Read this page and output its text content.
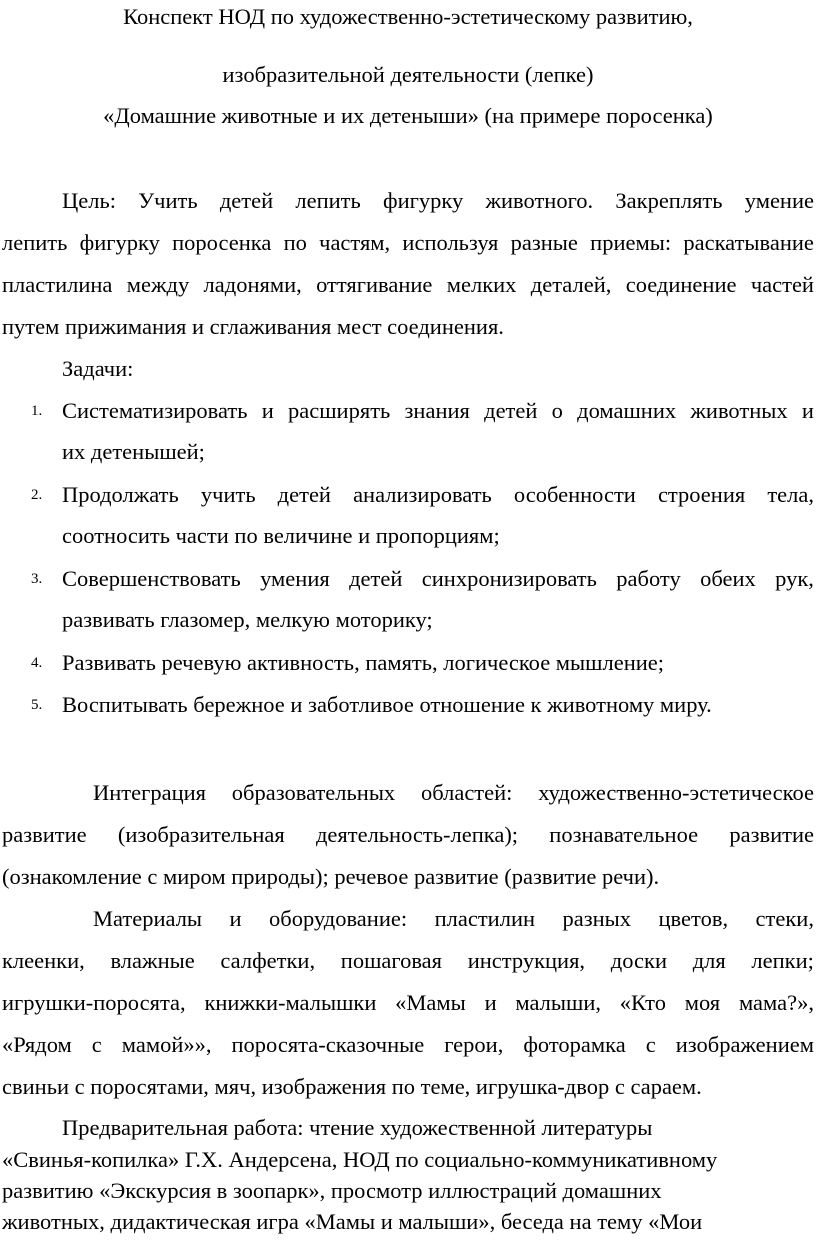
Конспект НОД по художественно-эстетическому развитию,
изобразительной деятельности (лепке)
«Домашние животные и их детеныши» (на примере поросенка)
Цель: Учить детей лепить фигурку животного. Закреплять умение
лепить фигурку поросенка по частям, используя разные приемы: раскатывание
пластилина между ладонями, оттягивание мелких деталей, соединение частей
путем прижимания и сглаживания мест соединения.
Задачи:
1. Систематизировать и расширять знания детей о домашних животных и
их детенышей;
2. Продолжать учить детей анализировать особенности строения тела,
соотносить части по величине и пропорциям;
3. Совершенствовать умения детей синхронизировать работу обеих рук,
развивать глазомер, мелкую моторику;
4. Развивать речевую активность, память, логическое мышление;
5. Воспитывать бережное и заботливое отношение к животному миру.
Интеграция образовательных областей: художественно-эстетическое
развитие (изобразительная деятельность-лепка); познавательное развитие
(ознакомление с миром природы); речевое развитие (развитие речи).
Материалы и оборудование: пластилин разных цветов, стеки,
клеенки, влажные салфетки, пошаговая инструкция, доски для лепки;
игрушки-поросята, книжки-малышки «Мамы и малыши, «Кто моя мама?»,
«Рядом с мамой»», поросята-сказочные герои, фоторамка с изображением
свиньи с поросятами, мяч, изображения по теме, игрушка-двор с сараем.
Предварительная работа: чтение художественной литературы
«Свинья-копилка» Г.Х. Андерсена, НОД по социально-коммуникативному
развитию «Экскурсия в зоопарк», просмотр иллюстраций домашних
животных, дидактическая игра «Мамы и малыши», беседа на тему «Мои
